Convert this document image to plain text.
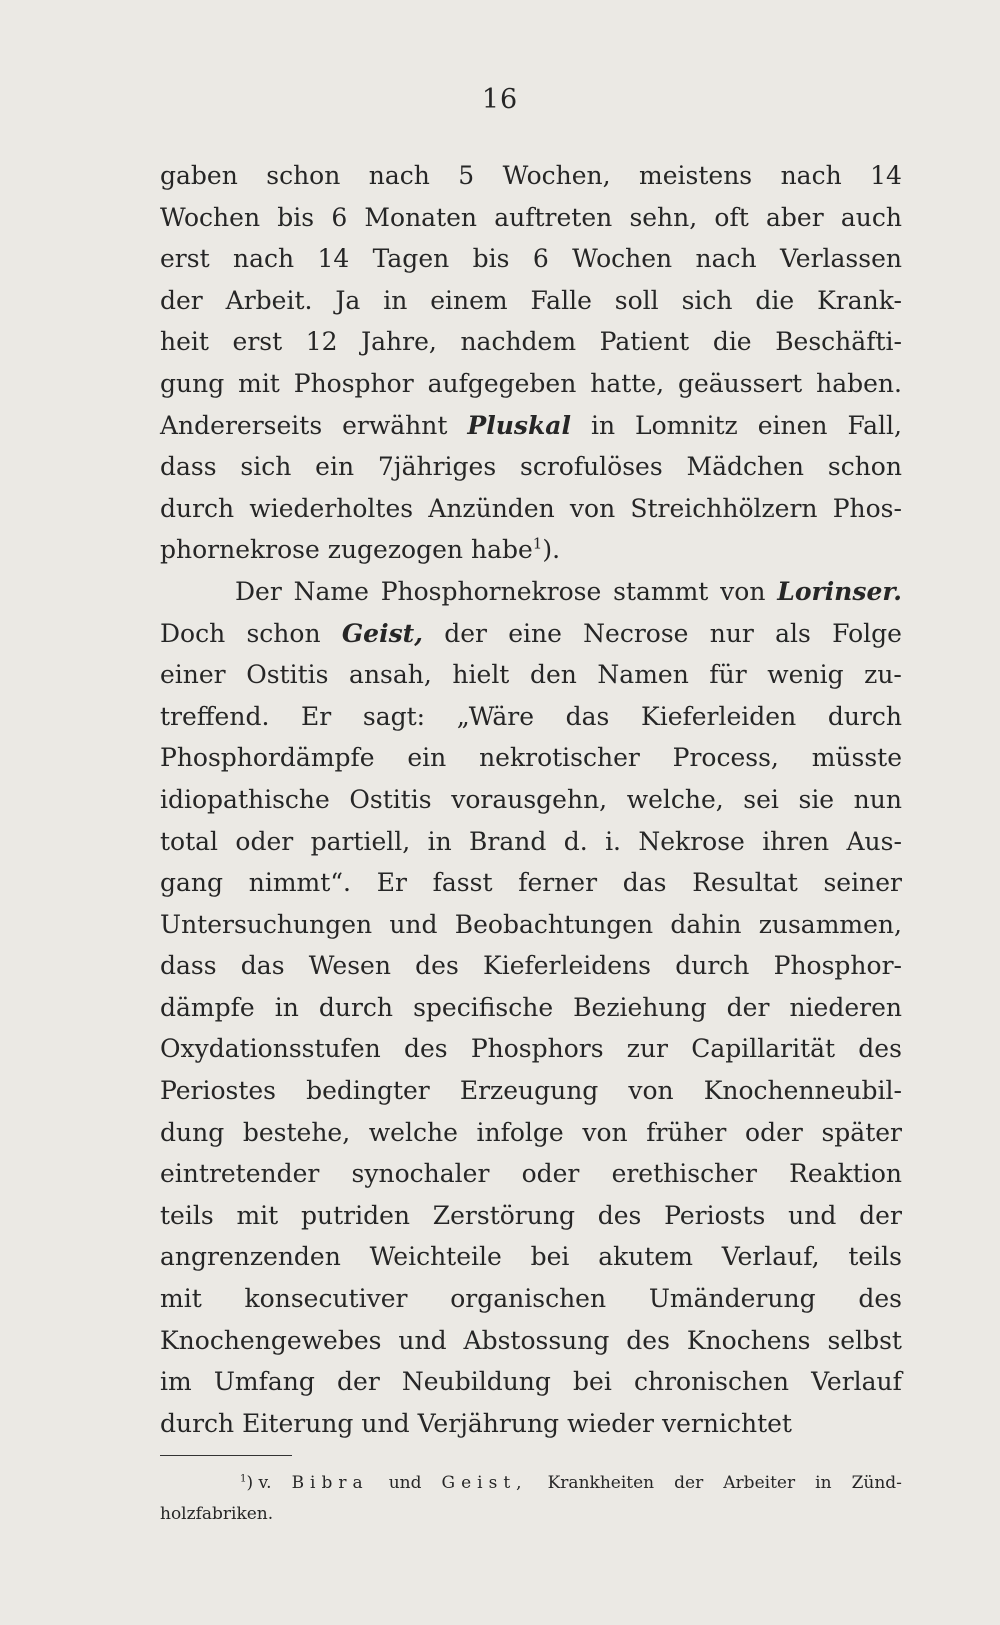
16
gaben schon nach 5 Wochen, meistens nach 14
Wochen bis 6 Monaten auftreten sehn, oft aber auch
erst nach 14 Tagen bis 6 Wochen nach Verlassen
der Arbeit. Ja in einem Falle soll sich die Krank-
heit erst 12 Jahre, nachdem Patient die Beschäfti-
gung mit Phosphor aufgegeben hatte, geäussert haben.
Andererseits erwähnt Pluskal in Lomnitz einen Fall,
dass sich ein 7jähriges scrofulöses Mädchen schon
durch wiederholtes Anzünden von Streichhölzern Phos-
phornekrose zugezogen habe$^1$).
Der Name Phosphornekrose stammt von Lorinser.
Doch schon Geist, der eine Necrose nur als Folge
einer Ostitis ansah, hielt den Namen für wenig zu-
treffend. Er sagt: „Wäre das Kieferleiden durch
Phosphordämpfe ein nekrotischer Process, müsste
idiopathische Ostitis vorausgehn, welche, sei sie nun
total oder partiell, in Brand d. i. Nekrose ihren Aus-
gang nimmt“. Er fasst ferner das Resultat seiner
Untersuchungen und Beobachtungen dahin zusammen,
dass das Wesen des Kieferleidens durch Phosphor-
dämpfe in durch specifische Beziehung der niederen
Oxydationsstufen des Phosphors zur Capillarität des
Periostes bedingter Erzeugung von Knochenneubil-
dung bestehe, welche infolge von früher oder später
eintretender synochaler oder erethischer Reaktion
teils mit putriden Zerstörung des Periosts und der
angrenzenden Weichteile bei akutem Verlauf, teils
mit konsecutiver organischen Umänderung des
Knochengewebes und Abstossung des Knochens selbst
im Umfang der Neubildung bei chronischen Verlauf
durch Eiterung und Verjährung wieder vernichtet
$^1$) v. Bibra und Geist, Krankheiten der Arbeiter in Zünd-
holzfabriken.
